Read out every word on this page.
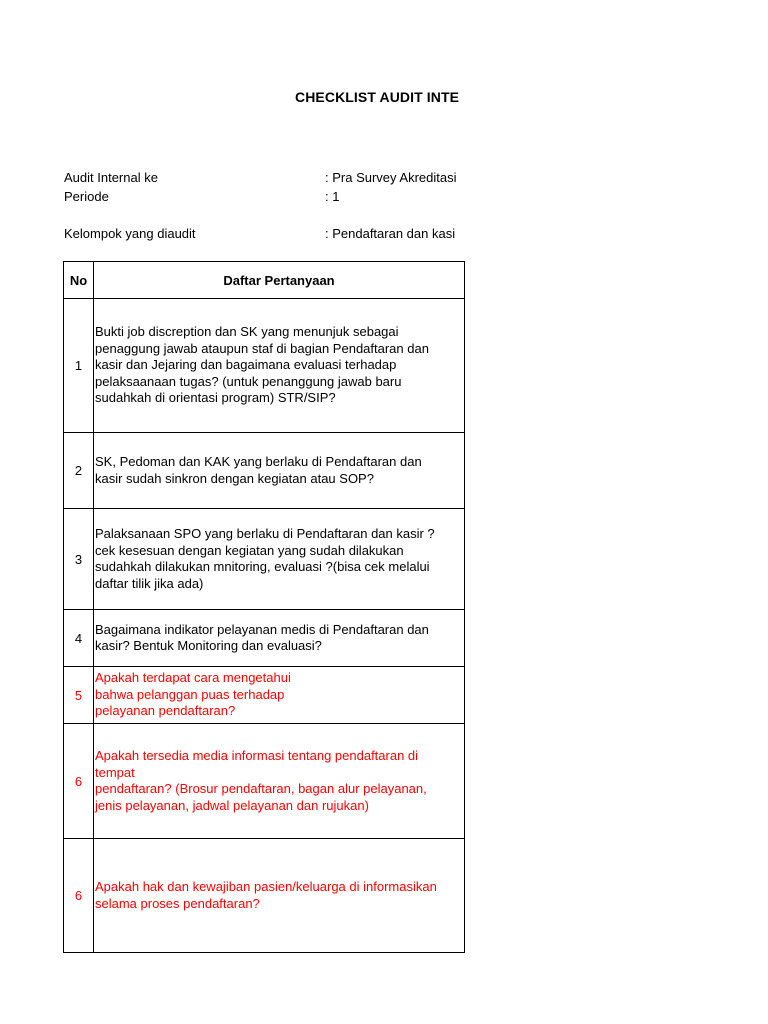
CHECKLIST AUDIT INTE
Audit Internal ke	: Pra Survey Akreditasi
Periode	: 1
Kelompok yang diaudit	: Pendaftaran dan kasi
No	Daftar Pertanyaan
1	Bukti job discreption dan SK yang menunjuk sebagai
penaggung jawab ataupun staf di bagian Pendaftaran dan
kasir dan Jejaring dan bagaimana evaluasi terhadap
pelaksaanaan tugas? (untuk penanggung jawab baru
sudahkah di orientasi program) STR/SIP?
2	SK, Pedoman dan KAK yang berlaku di Pendaftaran dan
kasir sudah sinkron dengan kegiatan atau SOP?
3	Palaksanaan SPO yang berlaku di Pendaftaran dan kasir ?
cek kesesuan dengan kegiatan yang sudah dilakukan
sudahkah dilakukan mnitoring, evaluasi ?(bisa cek melalui
daftar tilik jika ada)
4	Bagaimana indikator pelayanan medis di Pendaftaran dan
kasir? Bentuk Monitoring dan evaluasi?
5	Apakah terdapat cara mengetahui
bahwa pelanggan puas terhadap
pelayanan pendaftaran?
6	Apakah tersedia media informasi tentang pendaftaran di
tempat
pendaftaran? (Brosur pendaftaran, bagan alur pelayanan,
jenis pelayanan, jadwal pelayanan dan rujukan)
6	Apakah hak dan kewajiban pasien/keluarga di informasikan
selama proses pendaftaran?
